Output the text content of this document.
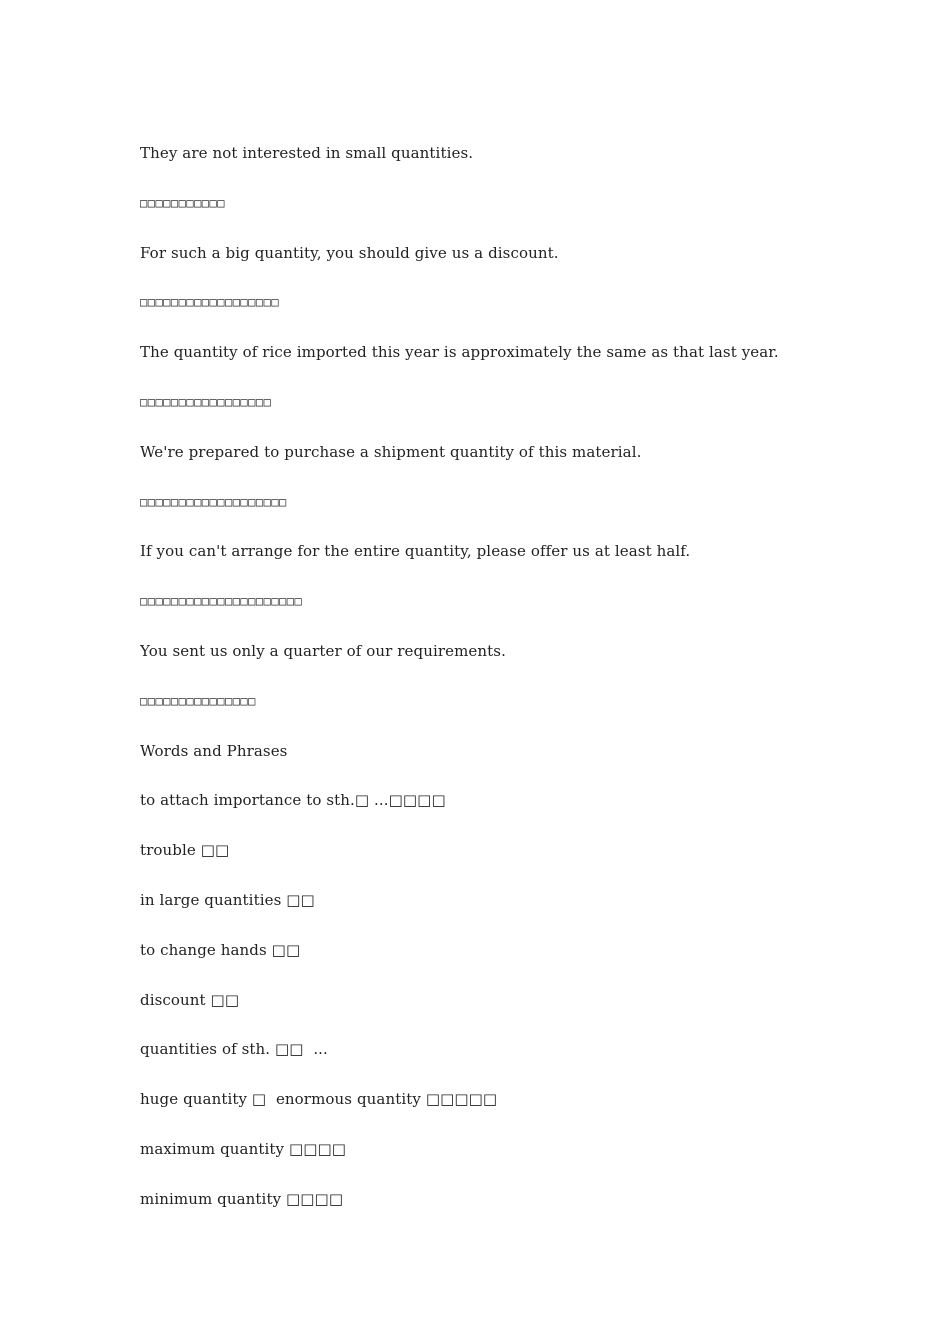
They are not interested in small quantities.
□□□□□□□□□□□
For such a big quantity, you should give us a discount.
□□□□□□□□□□□□□□□□□□
The quantity of rice imported this year is approximately the same as that last year.
□□□□□□□□□□□□□□□□□
We're prepared to purchase a shipment quantity of this material.
□□□□□□□□□□□□□□□□□□□
If you can't arrange for the entire quantity, please offer us at least half.
□□□□□□□□□□□□□□□□□□□□□
You sent us only a quarter of our requirements.
□□□□□□□□□□□□□□□
Words and Phrases
to attach importance to sth.□ ...□□□□
trouble □□
in large quantities □□
to change hands □□
discount □□
quantities of sth. □□  ...
huge quantity □  enormous quantity □□□□□
maximum quantity □□□□
minimum quantity □□□□
